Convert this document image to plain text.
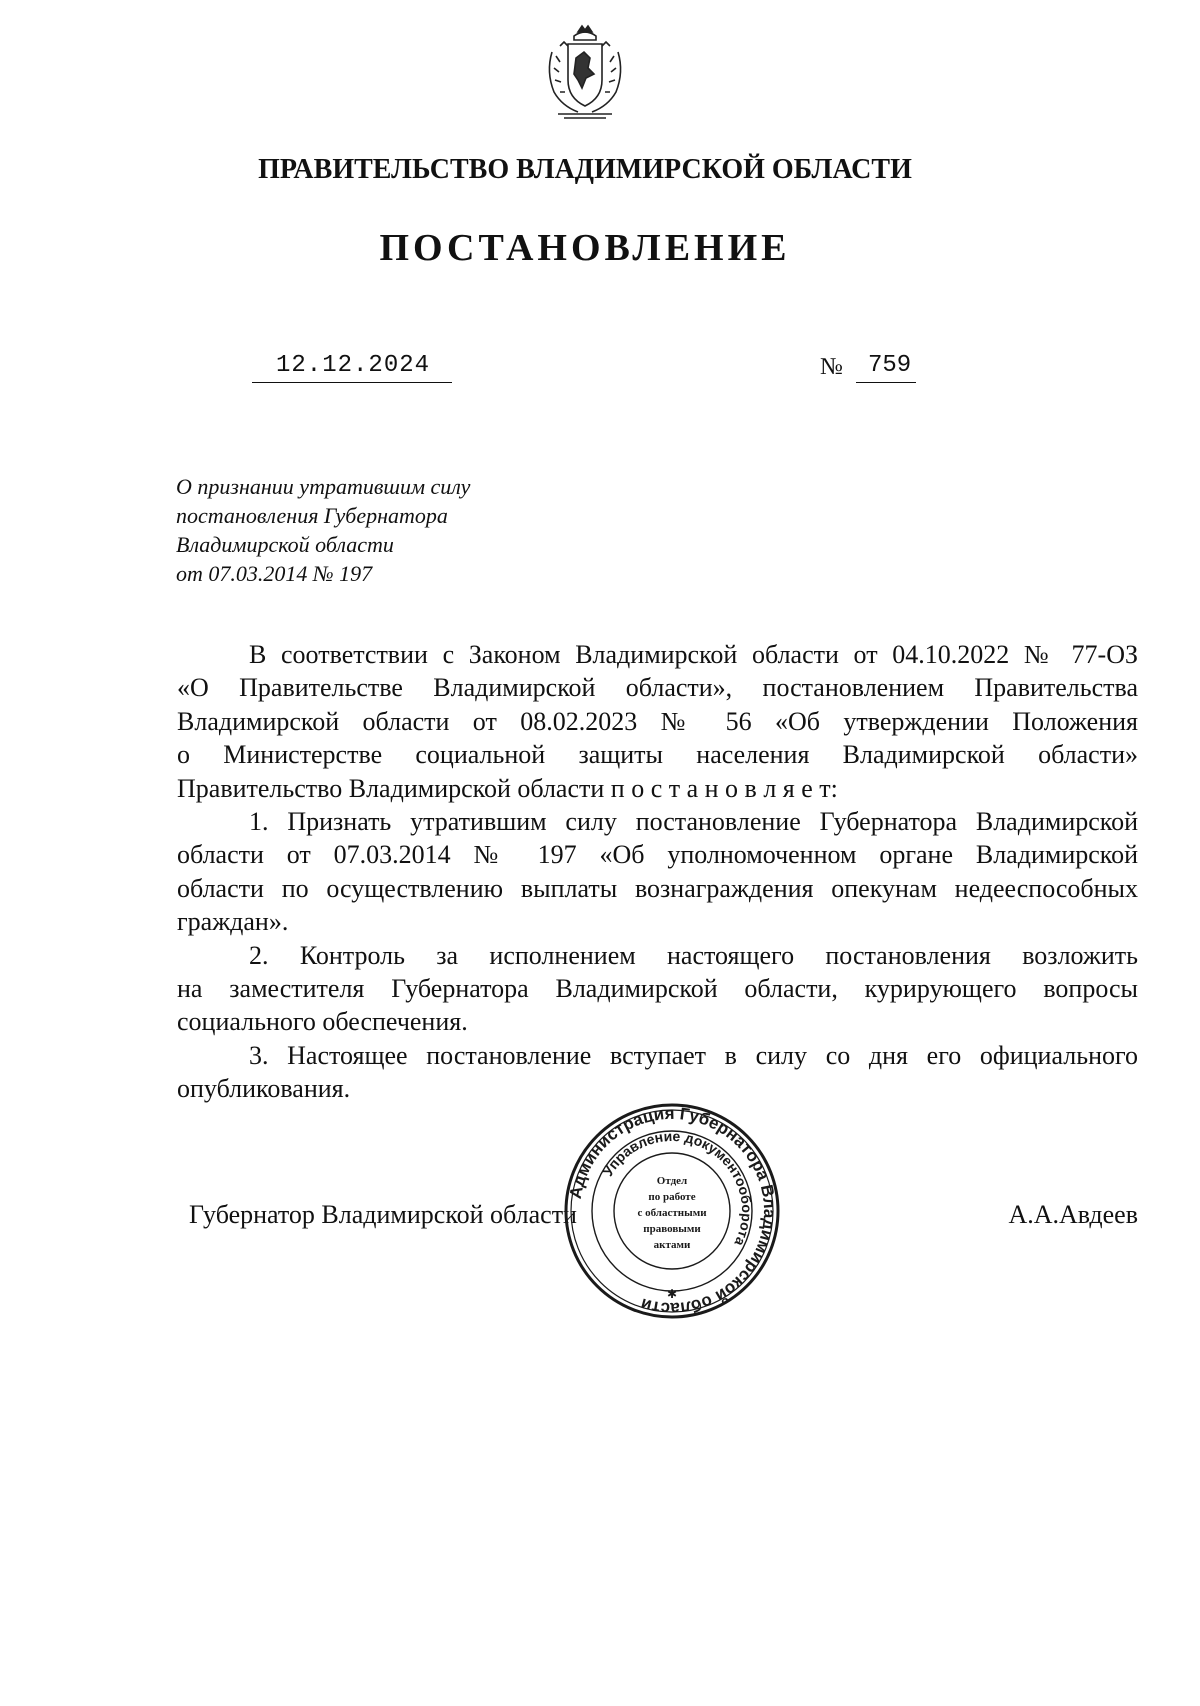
ПРАВИТЕЛЬСТВО ВЛАДИМИРСКОЙ ОБЛАСТИ
ПОСТАНОВЛЕНИЕ
12.12.2024	№ 759
О признании утратившим силу
постановления Губернатора
Владимирской области
от 07.03.2014 № 197
В соответствии с Законом Владимирской области от 04.10.2022 № 77-ОЗ
«О Правительстве Владимирской области», постановлением Правительства
Владимирской области от 08.02.2023 № 56 «Об утверждении Положения
о Министерстве социальной защиты населения Владимирской области»
Правительство Владимирской области п о с т а н о в л я е т:
1. Признать утратившим силу постановление Губернатора Владимирской
области от 07.03.2014 № 197 «Об уполномоченном органе Владимирской
области по осуществлению выплаты вознаграждения опекунам недееспособных
граждан».
2. Контроль за исполнением настоящего постановления возложить
на заместителя Губернатора Владимирской области, курирующего вопросы
социального обеспечения.
3. Настоящее постановление вступает в силу со дня его официального
опубликования.
Губернатор Владимирской области	А.А.Авдеев
Администрация Губернатора Владимирской области
Управление документооборота
Отдел
по работе
с областными
правовыми
актами
✱
